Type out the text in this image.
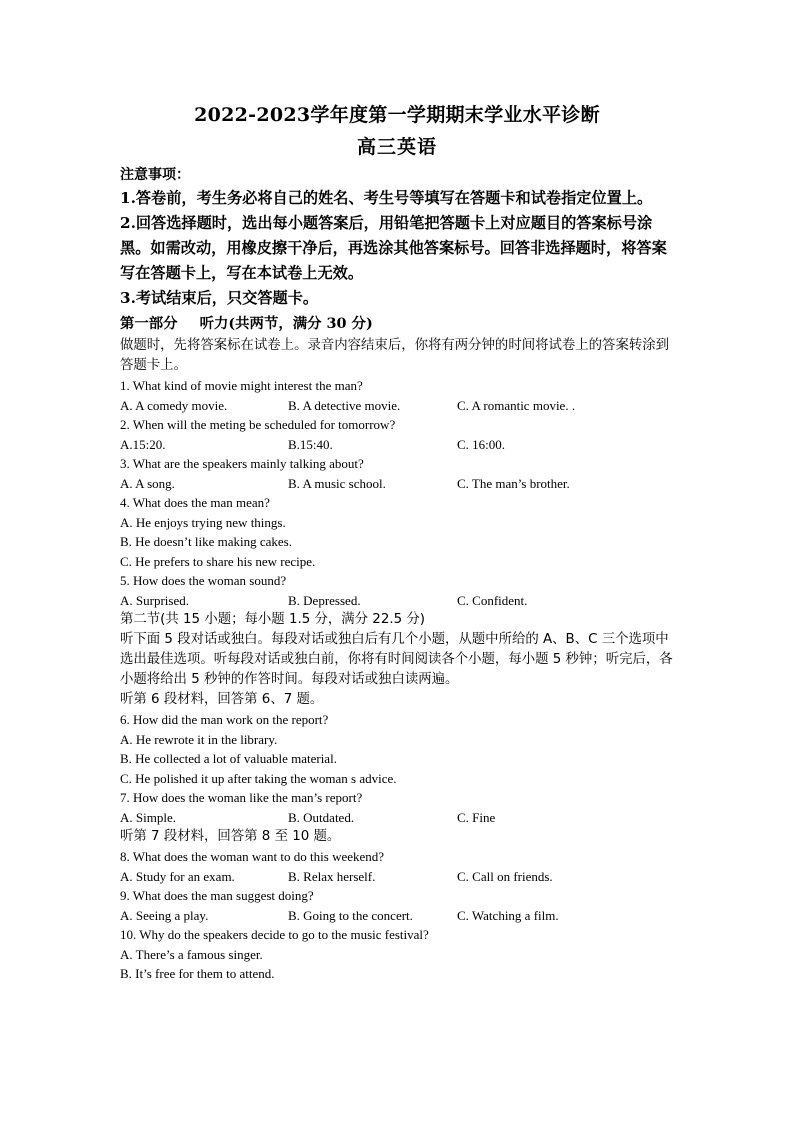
2022-2023学年度第一学期期末学业水平诊断
高三英语
注意事项：

1.答卷前，考生务必将自己的姓名、考生号等填写在答题卡和试卷指定位置上。

2.回答选择题时，选出每小题答案后，用铅笔把答题卡上对应题目的答案标号涂黑。如需改动，用橡皮擦干净后，再选涂其他答案标号。回答非选择题时，将答案写在答题卡上，写在本试卷上无效。

3.考试结束后，只交答题卡。

第一部分 听力(共两节，满分 30 分)

做题时，先将答案标在试卷上。录音内容结束后，你将有两分钟的时间将试卷上的答案转涂到答题卡上。

1. What kind of movie might interest the man?
A. A comedy movie.	B. A detective movie.	C. A romantic movie. .
2. When will the meting be scheduled for tomorrow?
A.15:20.	B.15:40.	C. 16:00.
3. What are the speakers mainly talking about?
A. A song.	B. A music school.	C. The man’s brother.
4. What does the man mean?
A. He enjoys trying new things.
B. He doesn’t like making cakes.
C. He prefers to share his new recipe.
5. How does the woman sound?
A. Surprised.	B. Depressed.	C. Confident.
第二节(共 15 小题；每小题 1.5 分，满分 22.5 分)

听下面 5 段对话或独白。每段对话或独白后有几个小题，从题中所给的 A、B、C 三个选项中选出最佳选项。听每段对话或独白前，你将有时间阅读各个小题，每小题 5 秒钟；听完后，各小题将给出 5 秒钟的作答时间。每段对话或独白读两遍。

听第 6 段材料，回答第 6、7 题。
6. How did the man work on the report?
A. He rewrote it in the library.
B. He collected a lot of valuable material.
C. He polished it up after taking the woman s advice.
7. How does the woman like the man’s report?
A. Simple.	B. Outdated.	C. Fine
听第 7 段材料，回答第 8 至 10 题。
8. What does the woman want to do this weekend?
A. Study for an exam.	B. Relax herself.	C. Call on friends.
9. What does the man suggest doing?
A. Seeing a play.	B. Going to the concert.	C. Watching a film.
10. Why do the speakers decide to go to the music festival?
A. There’s a famous singer.
B. It’s free for them to attend.
